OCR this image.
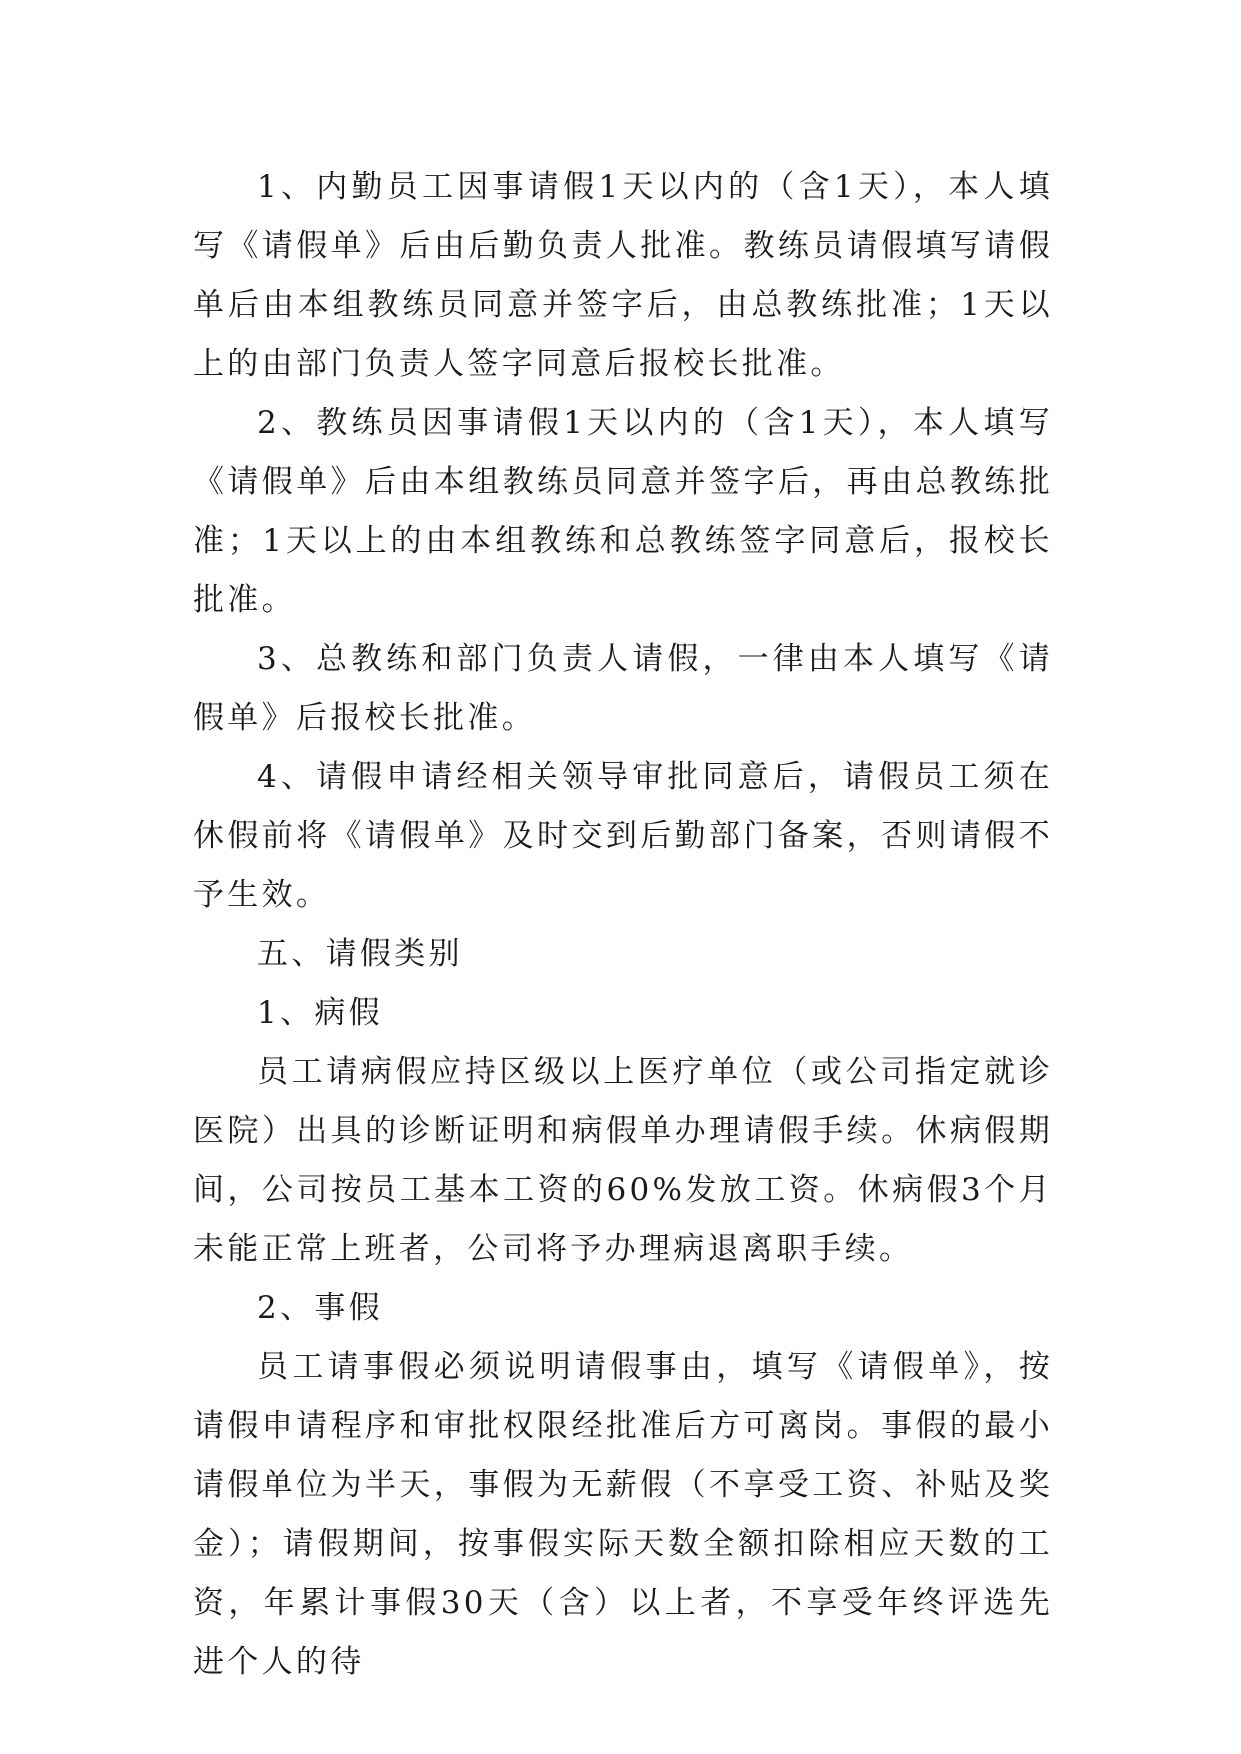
1、内勤员工因事请假1天以内的（含1天），本人填写《请假单》后由后勤负责人批准。教练员请假填写请假单后由本组教练员同意并签字后，由总教练批准；1天以上的由部门负责人签字同意后报校长批准。

2、教练员因事请假1天以内的（含1天），本人填写《请假单》后由本组教练员同意并签字后，再由总教练批准；1天以上的由本组教练和总教练签字同意后，报校长批准。

3、总教练和部门负责人请假，一律由本人填写《请假单》后报校长批准。

4、请假申请经相关领导审批同意后，请假员工须在休假前将《请假单》及时交到后勤部门备案，否则请假不予生效。

五、请假类别

1、病假

员工请病假应持区级以上医疗单位（或公司指定就诊医院）出具的诊断证明和病假单办理请假手续。休病假期间，公司按员工基本工资的60%发放工资。休病假3个月未能正常上班者，公司将予办理病退离职手续。

2、事假

员工请事假必须说明请假事由，填写《请假单》，按请假申请程序和审批权限经批准后方可离岗。事假的最小请假单位为半天，事假为无薪假（不享受工资、补贴及奖金）；请假期间，按事假实际天数全额扣除相应天数的工资，年累计事假30天（含）以上者，不享受年终评选先进个人的待
